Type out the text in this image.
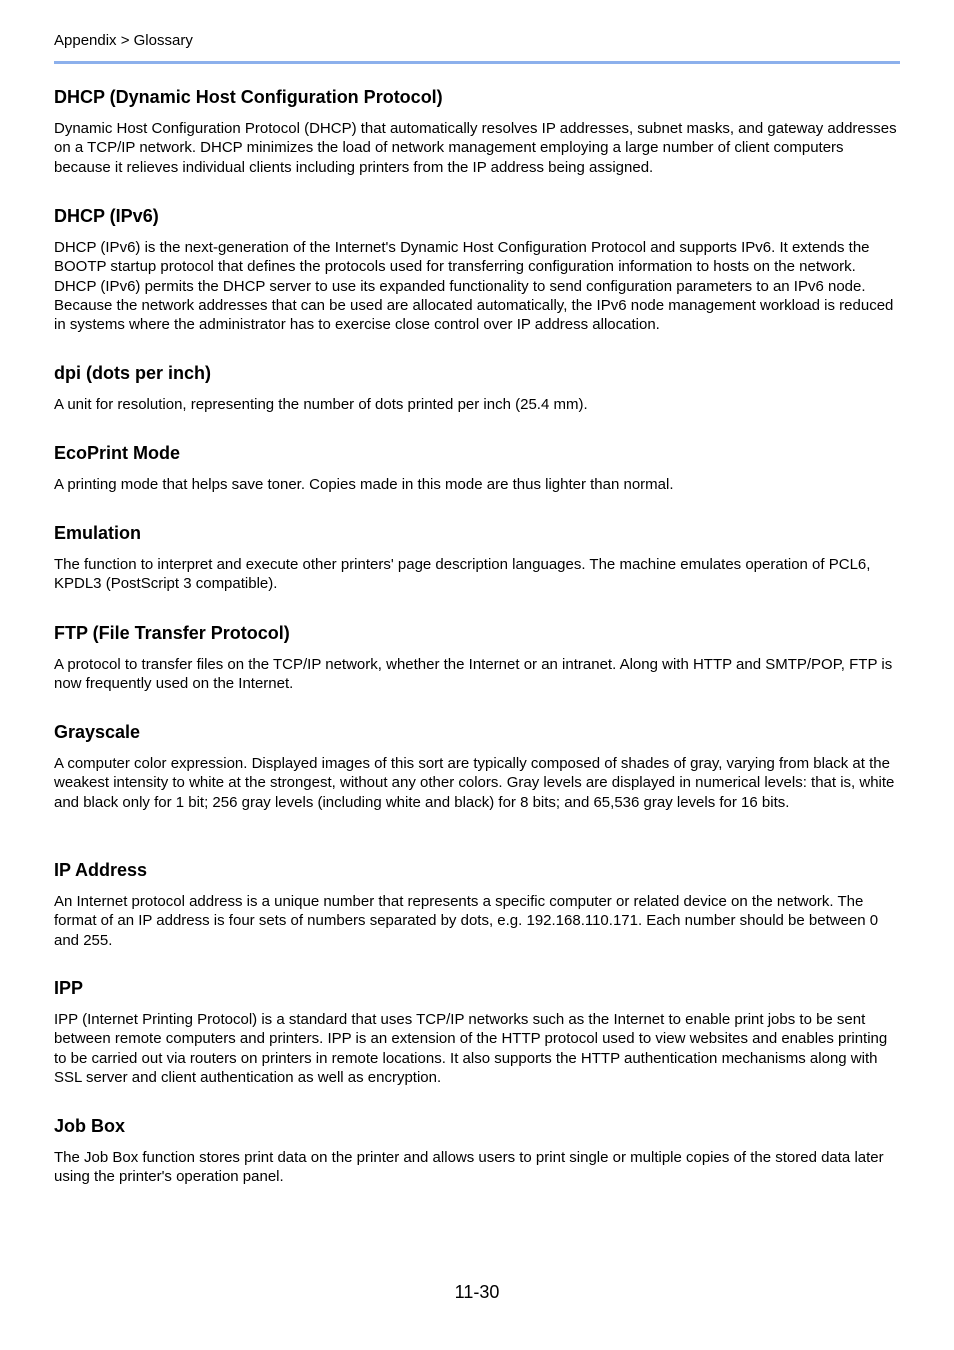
Appendix > Glossary
DHCP (Dynamic Host Configuration Protocol)

Dynamic Host Configuration Protocol (DHCP) that automatically resolves IP addresses, subnet masks, and gateway addresses on a TCP/IP network. DHCP minimizes the load of network management employing a large number of client computers because it relieves individual clients including printers from the IP address being assigned.

DHCP (IPv6)

DHCP (IPv6) is the next-generation of the Internet's Dynamic Host Configuration Protocol and supports IPv6. It extends the BOOTP startup protocol that defines the protocols used for transferring configuration information to hosts on the network. DHCP (IPv6) permits the DHCP server to use its expanded functionality to send configuration parameters to an IPv6 node. Because the network addresses that can be used are allocated automatically, the IPv6 node management workload is reduced in systems where the administrator has to exercise close control over IP address allocation.

dpi (dots per inch)

A unit for resolution, representing the number of dots printed per inch (25.4 mm).

EcoPrint Mode

A printing mode that helps save toner. Copies made in this mode are thus lighter than normal.

Emulation

The function to interpret and execute other printers' page description languages. The machine emulates operation of PCL6, KPDL3 (PostScript 3 compatible).

FTP (File Transfer Protocol)

A protocol to transfer files on the TCP/IP network, whether the Internet or an intranet. Along with HTTP and SMTP/POP, FTP is now frequently used on the Internet.

Grayscale

A computer color expression. Displayed images of this sort are typically composed of shades of gray, varying from black at the weakest intensity to white at the strongest, without any other colors. Gray levels are displayed in numerical levels: that is, white and black only for 1 bit; 256 gray levels (including white and black) for 8 bits; and 65,536 gray levels for 16 bits.

IP Address

An Internet protocol address is a unique number that represents a specific computer or related device on the network. The format of an IP address is four sets of numbers separated by dots, e.g. 192.168.110.171. Each number should be between 0 and 255.

IPP

IPP (Internet Printing Protocol) is a standard that uses TCP/IP networks such as the Internet to enable print jobs to be sent between remote computers and printers. IPP is an extension of the HTTP protocol used to view websites and enables printing to be carried out via routers on printers in remote locations. It also supports the HTTP authentication mechanisms along with SSL server and client authentication as well as encryption.

Job Box

The Job Box function stores print data on the printer and allows users to print single or multiple copies of the stored data later using the printer's operation panel.

11-30
